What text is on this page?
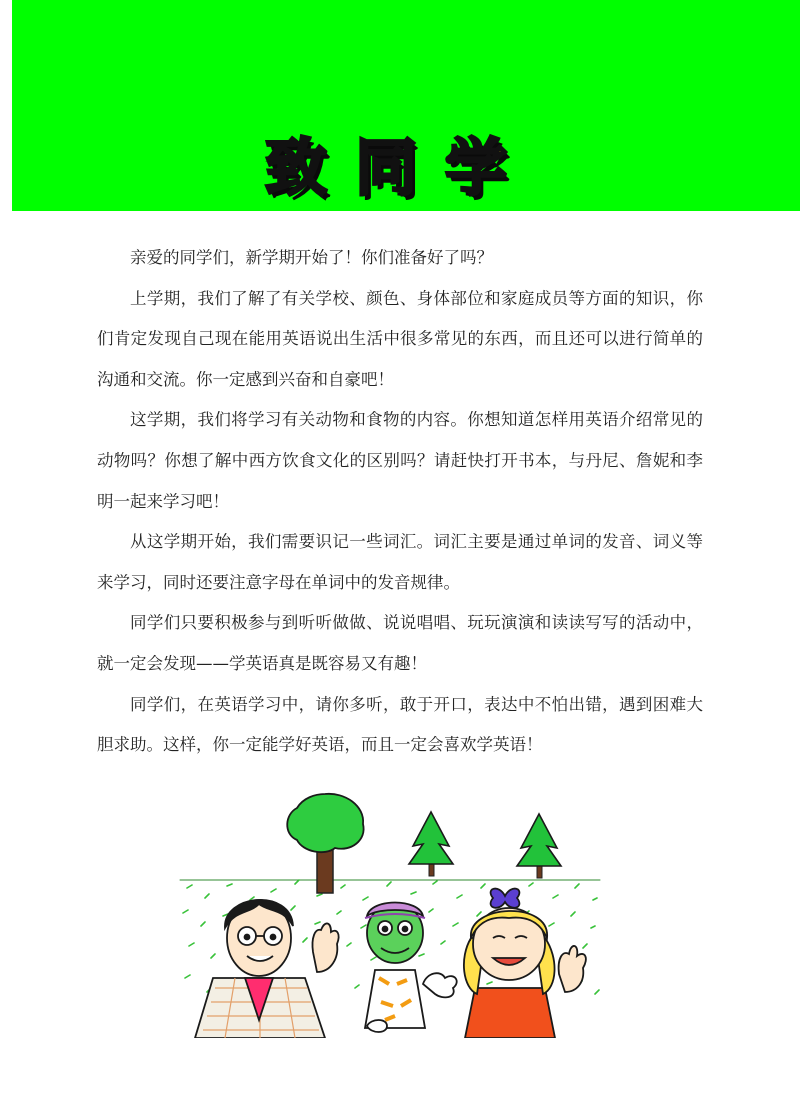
致同学

亲爱的同学们，新学期开始了！你们准备好了吗？

上学期，我们了解了有关学校、颜色、身体部位和家庭成员等方面的知识，你们肯定发现自己现在能用英语说出生活中很多常见的东西，而且还可以进行简单的沟通和交流。你一定感到兴奋和自豪吧！

这学期，我们将学习有关动物和食物的内容。你想知道怎样用英语介绍常见的动物吗？你想了解中西方饮食文化的区别吗？请赶快打开书本，与丹尼、詹妮和李明一起来学习吧！

从这学期开始，我们需要识记一些词汇。词汇主要是通过单词的发音、词义等来学习，同时还要注意字母在单词中的发音规律。

同学们只要积极参与到听听做做、说说唱唱、玩玩演演和读读写写的活动中，就一定会发现——学英语真是既容易又有趣！

同学们，在英语学习中，请你多听，敢于开口，表达中不怕出错，遇到困难大胆求助。这样，你一定能学好英语，而且一定会喜欢学英语！
